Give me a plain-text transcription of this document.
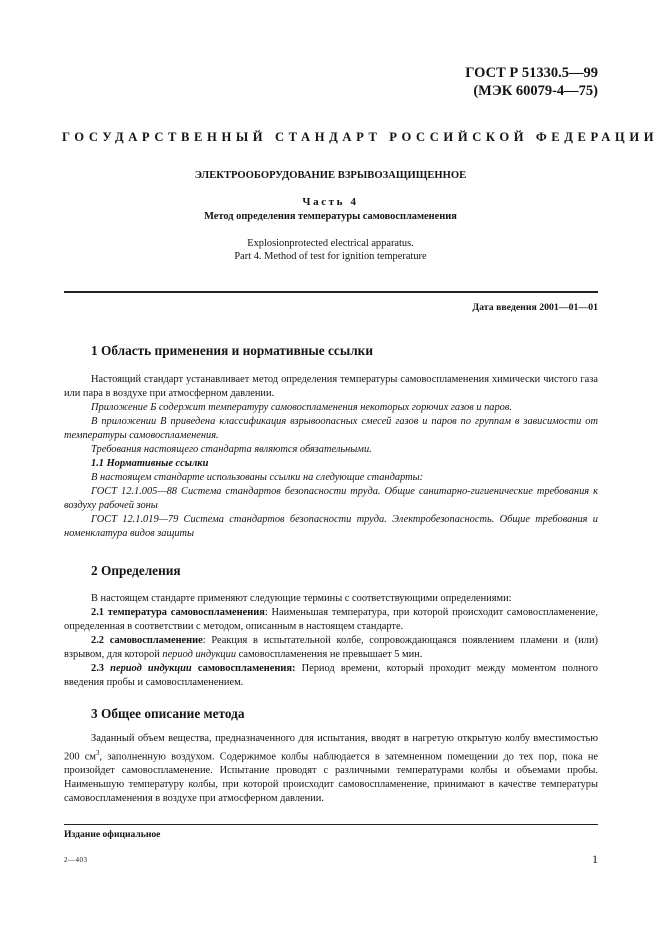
ГОСТ Р 51330.5—99
(МЭК 60079-4—75)
ГОСУДАРСТВЕННЫЙ СТАНДАРТ РОССИЙСКОЙ ФЕДЕРАЦИИ
ЭЛЕКТРООБОРУДОВАНИЕ ВЗРЫВОЗАЩИЩЕННОЕ
Часть 4
Метод определения температуры самовоспламенения
Explosionprotected electrical apparatus.
Part 4. Method of test for ignition temperature
Дата введения 2001—01—01
1 Область применения и нормативные ссылки

Настоящий стандарт устанавливает метод определения температуры самовоспламенения химически чистого газа или пара в воздухе при атмосферном давлении.

Приложение Б содержит температуру самовоспламенения некоторых горючих газов и паров.

В приложении В приведена классификация взрывоопасных смесей газов и паров по группам в зависимости от температуры самовоспламенения.

Требования настоящего стандарта являются обязательными.

1.1 Нормативные ссылки

В настоящем стандарте использованы ссылки на следующие стандарты:

ГОСТ 12.1.005—88 Система стандартов безопасности труда. Общие санитарно-гигиенические требования к воздуху рабочей зоны

ГОСТ 12.1.019—79 Система стандартов безопасности труда. Электробезопасность. Общие требования и номенклатура видов защиты

2 Определения

В настоящем стандарте применяют следующие термины с соответствующими определениями:

2.1 температура самовоспламенения: Наименьшая температура, при которой происходит самовоспламенение, определенная в соответствии с методом, описанным в настоящем стандарте.

2.2 самовоспламенение: Реакция в испытательной колбе, сопровождающаяся появлением пламени и (или) взрывом, для которой период индукции самовоспламенения не превышает 5 мин.

2.3 период индукции самовоспламенения: Период времени, который проходит между моментом полного введения пробы и самовоспламенением.

3 Общее описание метода

Заданный объем вещества, предназначенного для испытания, вводят в нагретую открытую колбу вместимостью 200 $см^3$, заполненную воздухом. Содержимое колбы наблюдается в затемненном помещении до тех пор, пока не произойдет самовоспламенение. Испытание проводят с различными температурами колбы и объемами пробы. Наименьшую температуру колбы, при которой происходит самовоспламенение, принимают в качестве температуры самовоспламенения в воздухе при атмосферном давлении.

Издание официальное
2—403	1
